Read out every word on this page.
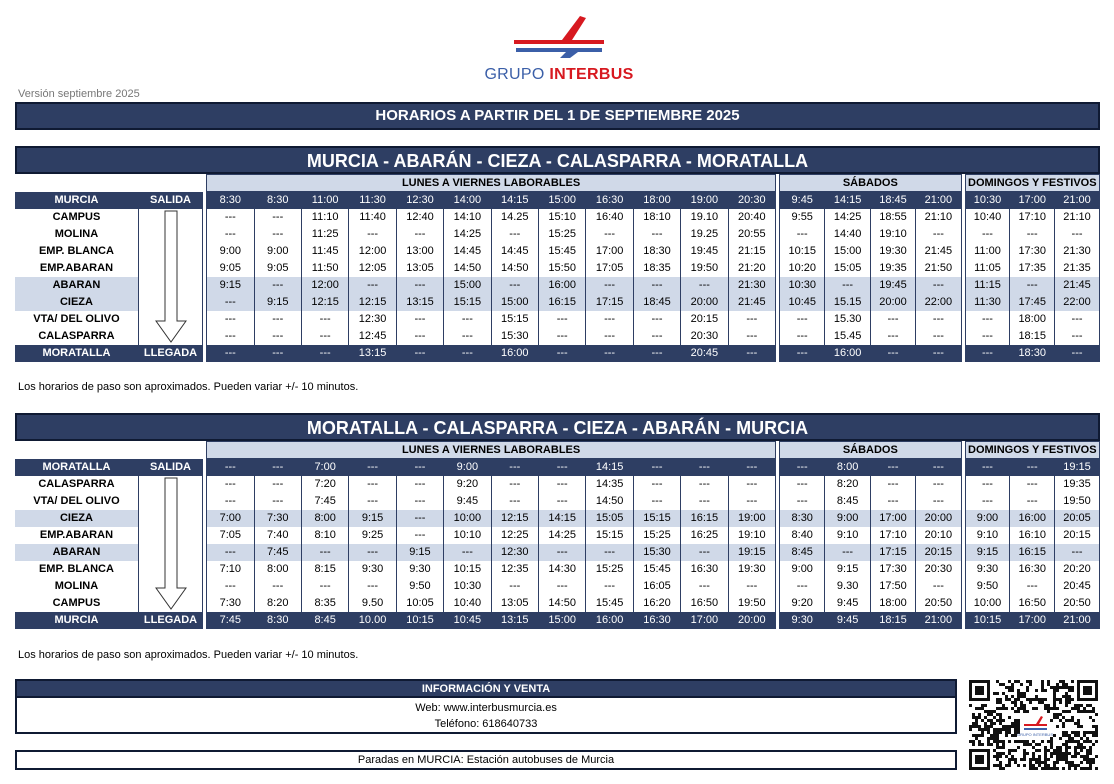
GRUPO INTERBUS
Versión septiembre 2025
HORARIOS A PARTIR DEL 1 DE SEPTIEMBRE 2025
MURCIA - ABARÁN - CIEZA - CALASPARRA - MORATALLA
			LUNES A VIERNES LABORABLES													SÁBADOS					DOMINGOS Y FESTIVOS		
MURCIA	SALIDA		8:30	8:30	11:00	11:30	12:30	14:00	14:15	15:00	16:30	18:00	19:00	20:30		9:45	14:15	18:45	21:00		10:30	17:00	21:00
CAMPUS			---	---	11:10	11:40	12:40	14:10	14.25	15:10	16:40	18:10	19.10	20:40		9:55	14:25	18:55	21:10		10:40	17:10	21:10
MOLINA			---	---	11:25	---	---	14:25	---	15:25	---	---	19.25	20:55		---	14:40	19:10	---		---	---	---
EMP. BLANCA			9:00	9:00	11:45	12:00	13:00	14:45	14:45	15:45	17:00	18:30	19:45	21:15		10:15	15:00	19:30	21:45		11:00	17:30	21:30
EMP.ABARAN			9:05	9:05	11:50	12:05	13:05	14:50	14:50	15:50	17:05	18:35	19:50	21:20		10:20	15:05	19:35	21:50		11:05	17:35	21:35
ABARAN			9:15	---	12:00	---	---	15:00	---	16:00	---	---	---	21:30		10:30	---	19:45	---		11:15	---	21:45
CIEZA			---	9:15	12:15	12:15	13:15	15:15	15:00	16:15	17:15	18:45	20:00	21:45		10:45	15.15	20:00	22:00		11:30	17:45	22:00
VTA/ DEL OLIVO			---	---	---	12:30	---	---	15:15	---	---	---	20:15	---		---	15.30	---	---		---	18:00	---
CALASPARRA			---	---	---	12:45	---	---	15:30	---	---	---	20:30	---		---	15.45	---	---		---	18:15	---
MORATALLA	LLEGADA		---	---	---	13:15	---	---	16:00	---	---	---	20:45	---		---	16:00	---	---		---	18:30	---
Los horarios de paso son aproximados. Pueden variar +/- 10 minutos.
MORATALLA - CALASPARRA - CIEZA - ABARÁN - MURCIA
			LUNES A VIERNES LABORABLES													SÁBADOS					DOMINGOS Y FESTIVOS		
MORATALLA	SALIDA		---	---	7:00	---	---	9:00	---	---	14:15	---	---	---		---	8:00	---	---		---	---	19:15
CALASPARRA			---	---	7:20	---	---	9:20	---	---	14:35	---	---	---		---	8:20	---	---		---	---	19:35
VTA/ DEL OLIVO			---	---	7:45	---	---	9:45	---	---	14:50	---	---	---		---	8:45	---	---		---	---	19:50
CIEZA			7:00	7:30	8:00	9:15	---	10:00	12:15	14:15	15:05	15:15	16:15	19:00		8:30	9:00	17:00	20:00		9:00	16:00	20:05
EMP.ABARAN			7:05	7:40	8:10	9:25	---	10:10	12:25	14:25	15:15	15:25	16:25	19:10		8:40	9:10	17:10	20:10		9:10	16:10	20:15
ABARAN			---	7:45	---	---	9:15	---	12:30	---	---	15:30	---	19:15		8:45	---	17:15	20:15		9:15	16:15	---
EMP. BLANCA			7:10	8:00	8:15	9:30	9:30	10:15	12:35	14:30	15:25	15:45	16:30	19:30		9:00	9:15	17:30	20:30		9:30	16:30	20:20
MOLINA			---	---	---	---	9:50	10:30	---	---	---	16:05	---	---		---	9.30	17:50	---		9:50	---	20:45
CAMPUS			7:30	8:20	8:35	9.50	10:05	10:40	13:05	14:50	15:45	16:20	16:50	19:50		9:20	9:45	18:00	20:50		10:00	16:50	20:50
MURCIA	LLEGADA		7:45	8:30	8:45	10.00	10:15	10:45	13:15	15:00	16:00	16:30	17:00	20:00		9:30	9:45	18:15	21:00		10:15	17:00	21:00
Los horarios de paso son aproximados. Pueden variar +/- 10 minutos.
INFORMACIÓN Y VENTA
Web: www.interbusmurcia.es
Teléfono: 618640733
Paradas en MURCIA: Estación autobuses de Murcia
GRUPO INTERBUS
